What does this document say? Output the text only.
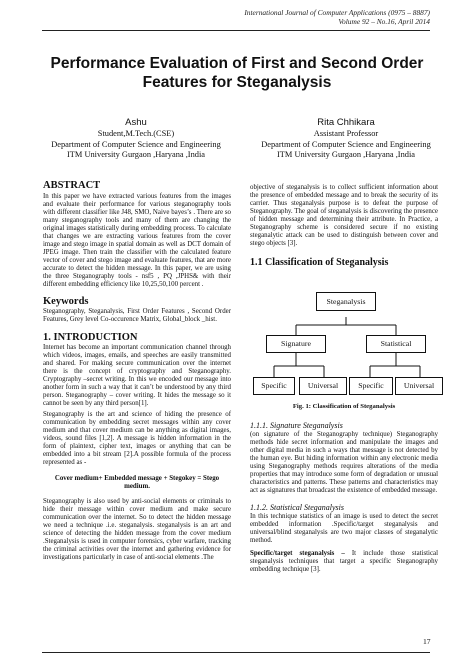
International Journal of Computer Applications (0975 – 8887)
Volume 92 – No.16, April 2014
Performance Evaluation of First and Second Order
Features for Steganalysis
Ashu
Student,M.Tech.(CSE)
Department of Computer Science and Engineering
ITM University Gurgaon ,Haryana ,India
Rita Chhikara
Assistant Professor
Department of Computer Science and Engineering
ITM University Gurgaon ,Haryana ,India
ABSTRACT

In this paper we have extracted various features from the images and evaluate their performance for various steganography tools with different classifier like J48, SMO, Naive bayes’s . There are so many steganography tools and many of them are changing the original images statistically during embedding process. To calculate that changes we are extracting various features from the cover image and stego image in spatial domain as well as DCT domain of JPEG image. Then train the classifier with the calculated feature vector of cover and stego image and evaluate features, that are more accurate to detect the hidden message. In this paper, we are using the three Steganography tools - nsf5 , PQ ,JPHS& with their different embedding efficiency like 10,25,50,100 percent .

Keywords

Steganography, Steganalysis, First Order Features , Second Order Features, Grey level Co-occurence Matrix, Global_block _hist.

1. INTRODUCTION

Internet has become an important communication channel through which videos, images, emails, and speeches are easily transmitted and shared. For making secure communication over the internet there is the concept of cryptography and Steganography. Cryptography –secret writing. In this we encoded our message into another form in such a way that it can’t be understood by any third person. Steganography – cover writing. It hides the message so it cannot be seen by any third person[1].

Steganography is the art and science of hiding the presence of communication by embedding secret messages within any cover medium and that cover medium can be anything as digital images, videos, sound files [1,2]. A message is hidden information in the form of plaintext, cipher text, images or anything that can be embedded into a bit stream [2].A possible formula of the process represented as -

Cover medium+ Embedded message + Stegokey = Stego medium.

Steganography is also used by anti-social elements or criminals to hide their message within cover medium and make secure communication over the internet. So to detect the hidden message we need a technique .i.e. steganalysis. steganalysis is an art and science of detecting the hidden message from the cover medium .Steganalysis is used in computer forensics, cyber warfare, tracking the criminal activities over the internet and gathering evidence for investigations particularly in case of anti-social elements .The

objective of steganalysis is to collect sufficient information about the presence of embedded message and to break the security of its carrier. Thus steganalysis purpose is to defeat the purpose of Steganography. The goal of steganalysis is discovering the presence of hidden message and determining their attribute. In Practice, a Steganography scheme is considered secure if no existing steganalytic attack can be used to distinguish between cover and stego objects [3].

1.1 Classification of Steganalysis
Steganalysis
Signature	Statistical
Specific	Universal	Specific	Universal
Fig. 1: Classification of Steganalysis
1.1.1. Signature Steganalysis

(on signature of the Steganography technique) Steganography methods hide secret information and manipulate the images and other digital media in such a ways that message is not detected by the human eye. But hiding information within any electronic media using Steganography methods requires alterations of the media properties that may introduce some form of degradation or unusual characteristics and patterns. These patterns and characteristics may act as signatures that broadcast the existence of embedded message.

1.1.2. Statistical Steganalysis

In this technique statistics of an image is used to detect the secret embedded information .Specific/target steganalysis and universal/blind steganalysis are two major classes of steganalytic method.

Specific/target steganalysis – It include those statistical steganalysis techniques that target a specific Steganography embedding technique [3].

17
